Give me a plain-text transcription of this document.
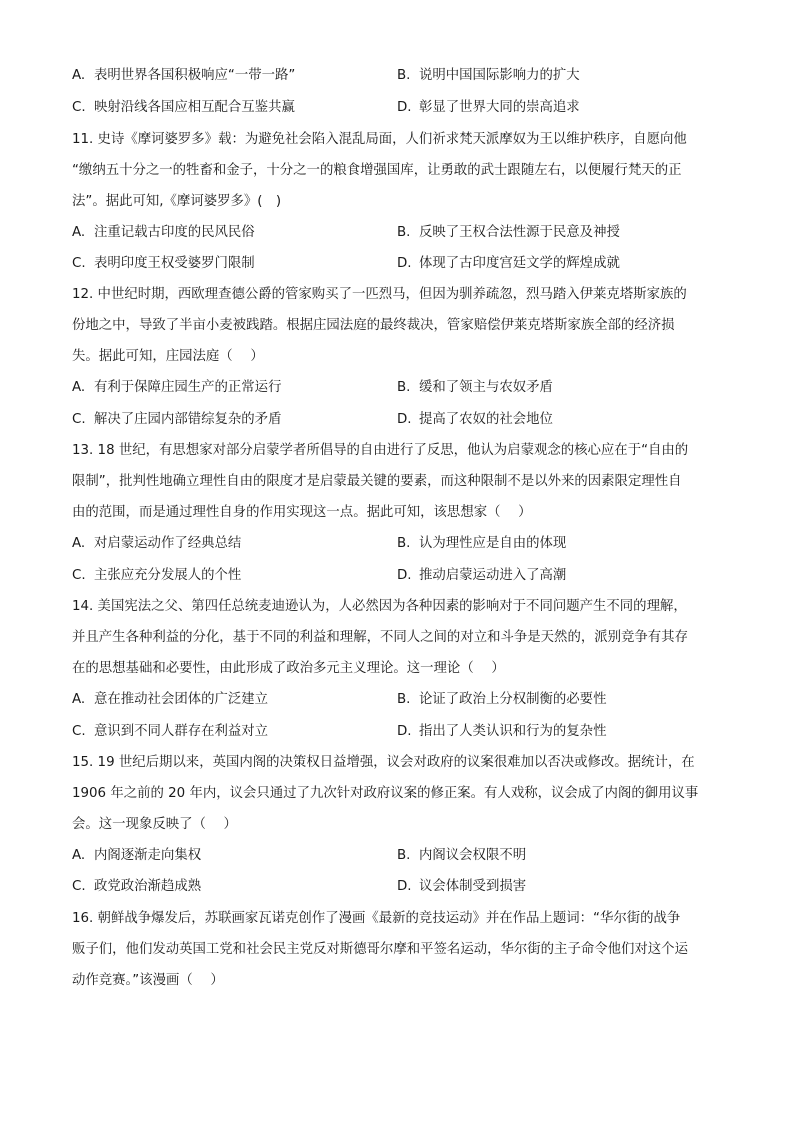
A. 表明世界各国积极响应“一带一路”	B. 说明中国国际影响力的扩大
C. 映射沿线各国应相互配合互鉴共赢	D. 彰显了世界大同的崇高追求
11. 史诗《摩诃婆罗多》载：为避免社会陷入混乱局面，人们祈求梵天派摩奴为王以维护秩序，自愿向他
“缴纳五十分之一的牲畜和金子，十分之一的粮食增强国库，让勇敢的武士跟随左右，以便履行梵天的正
法”。据此可知,《摩诃婆罗多》(　)
A. 注重记载古印度的民风民俗	B. 反映了王权合法性源于民意及神授
C. 表明印度王权受婆罗门限制	D. 体现了古印度宫廷文学的辉煌成就
12. 中世纪时期，西欧理查德公爵的管家购买了一匹烈马，但因为驯养疏忽，烈马踏入伊莱克塔斯家族的
份地之中，导致了半亩小麦被践踏。根据庄园法庭的最终裁决，管家赔偿伊莱克塔斯家族全部的经济损
失。据此可知，庄园法庭（　 ）
A. 有利于保障庄园生产的正常运行	B. 缓和了领主与农奴矛盾
C. 解决了庄园内部错综复杂的矛盾	D. 提高了农奴的社会地位
13. 18 世纪，有思想家对部分启蒙学者所倡导的自由进行了反思，他认为启蒙观念的核心应在于“自由的
限制”，批判性地确立理性自由的限度才是启蒙最关键的要素，而这种限制不是以外来的因素限定理性自
由的范围，而是通过理性自身的作用实现这一点。据此可知，该思想家（　 ）
A. 对启蒙运动作了经典总结	B. 认为理性应是自由的体现
C. 主张应充分发展人的个性	D. 推动启蒙运动进入了高潮
14. 美国宪法之父、第四任总统麦迪逊认为，人必然因为各种因素的影响对于不同问题产生不同的理解，
并且产生各种利益的分化，基于不同的利益和理解，不同人之间的对立和斗争是天然的，派别竞争有其存
在的思想基础和必要性，由此形成了政治多元主义理论。这一理论（　 ）
A. 意在推动社会团体的广泛建立	B. 论证了政治上分权制衡的必要性
C. 意识到不同人群存在利益对立	D. 指出了人类认识和行为的复杂性
15. 19 世纪后期以来，英国内阁的决策权日益增强，议会对政府的议案很难加以否决或修改。据统计，在
1906 年之前的 20 年内，议会只通过了九次针对政府议案的修正案。有人戏称，议会成了内阁的御用议事
会。这一现象反映了（　 ）
A. 内阁逐渐走向集权	B. 内阁议会权限不明
C. 政党政治渐趋成熟	D. 议会体制受到损害
16. 朝鲜战争爆发后，苏联画家瓦诺克创作了漫画《最新的竞技运动》并在作品上题词：“华尔街的战争
贩子们，他们发动英国工党和社会民主党反对斯德哥尔摩和平签名运动，华尔街的主子命令他们对这个运
动作竞赛。”该漫画（　 ）
